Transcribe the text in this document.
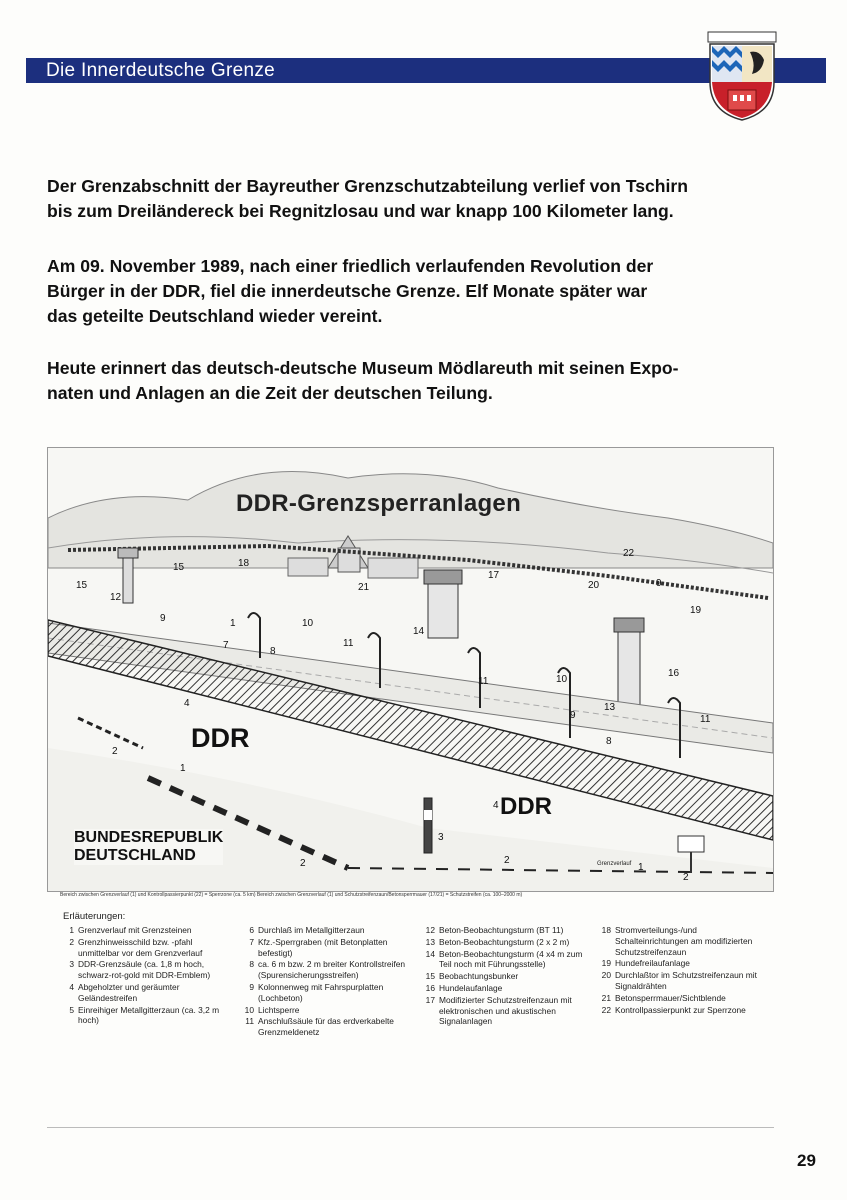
Die Innerdeutsche Grenze
Der Grenzabschnitt der Bayreuther Grenzschutzabteilung verlief von Tschirn
bis zum Dreiländereck bei Regnitzlosau und war knapp 100 Kilometer lang.
Am 09. November 1989, nach einer friedlich verlaufenden Revolution der
Bürger in der DDR, fiel die innerdeutsche Grenze. Elf Monate später war
das geteilte Deutschland wieder vereint.
Heute erinnert das deutsch-deutsche Museum Mödlareuth mit seinen Expo-
naten und Anlagen an die Zeit der deutschen Teilung.
15
15
18
12
9	1	10
11
7
8
14
21
17
20	9
19
22
16
11	10
9
13
8
11
4
2
1
2
3
4
2
1
2
DDR-Grenzsperranlagen
DDR
DDR
BUNDESREPUBLIK
DEUTSCHLAND	Grenzverlauf
Bereich zwischen Grenzverlauf (1) und Kontrollpassierpunkt (22) = Sperrzone (ca. 5 km) Bereich zwischen Grenzverlauf (1) und Schutzstreifenzaun/Betonsperrmauer (17/21) = Schutzstreifen (ca. 100–2000 m)
Erläuterungen:
1 Grenzverlauf mit Grenzsteinen
2 Grenzhinweisschild bzw. -pfahl unmittelbar vor dem Grenzverlauf
3 DDR-Grenzsäule (ca. 1,8 m hoch, schwarz-rot-gold mit DDR-Emblem)
4 Abgeholzter und geräumter Geländestreifen
5 Einreihiger Metallgitterzaun (ca. 3,2 m hoch)
6 Durchlaß im Metallgitterzaun
7 Kfz.-Sperrgraben (mit Betonplatten befestigt)
8 ca. 6 m bzw. 2 m breiter Kontrollstreifen (Spurensicherungsstreifen)
9 Kolonnenweg mit Fahrspurplatten (Lochbeton)
10 Lichtsperre
11 Anschlußsäule für das erdverkabelte Grenzmeldenetz
12 Beton-Beobachtungsturm (BT 11)
13 Beton-Beobachtungsturm (2 x 2 m)
14 Beton-Beobachtungsturm (4 x4 m zum Teil noch mit Führungsstelle)
15 Beobachtungsbunker
16 Hundelaufanlage
17 Modifizierter Schutzstreifenzaun mit elektronischen und akustischen Signalanlagen
18 Stromverteilungs-/und Schalteinrichtungen am modifizierten Schutzstreifenzaun
19 Hundefreilaufanlage
20 Durchlaßtor im Schutzstreifenzaun mit Signaldrähten
21 Betonsperrmauer/Sichtblende
22 Kontrollpassierpunkt zur Sperrzone
29
